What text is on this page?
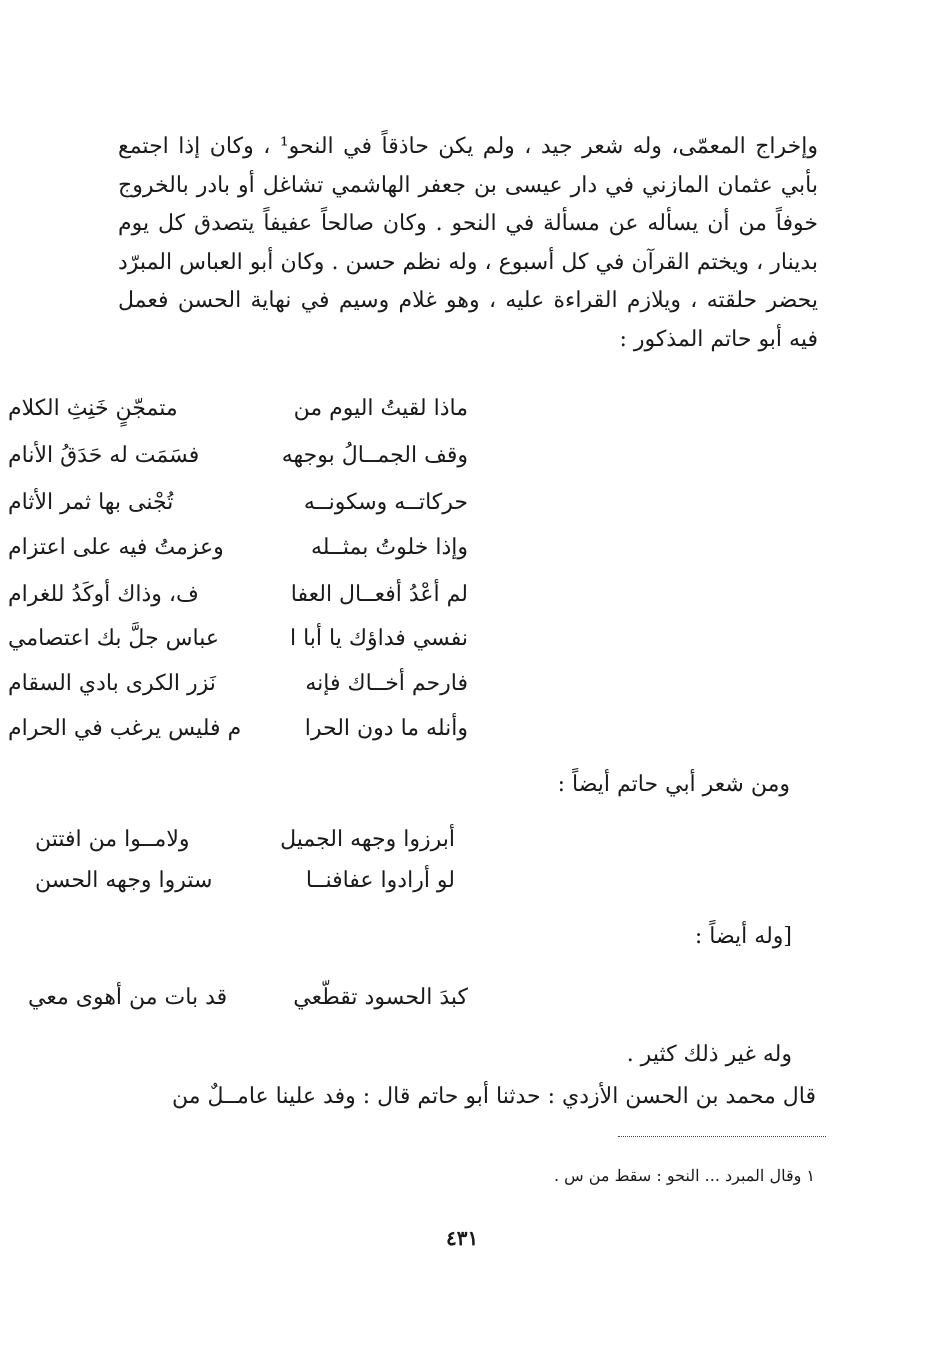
وإخراج المعمّى، وله شعر جيد ، ولم يكن حاذقاً في النحو¹ ، وكان إذا اجتمع بأبي عثمان المازني في دار عيسى بن جعفر الهاشمي تشاغل أو بادر بالخروج خوفاً من أن يسأله عن مسألة في النحو . وكان صالحاً عفيفاً يتصدق كل يوم بدينار ، ويختم القرآن في كل أسبوع ، وله نظم حسن . وكان أبو العباس المبرّد يحضر حلقته ، ويلازم القراءة عليه ، وهو غلام وسيم في نهاية الحسن فعمل فيه أبو حاتم المذكور :

ماذا لقيتُ اليوم من
متمجّنٍ خَنِثِ الكلام
وقف الجمــالُ بوجهه
فسَمَت له حَدَقُ الأنام
حركاتــه وسكونــه
تُجْنى بها ثمر الأثام
وإذا خلوتُ بمثــله
وعزمتُ فيه على اعتزام
لم أعْدُ أفعــال العفا
ف، وذاك أوكَدُ للغرام
نفسي فداؤك يا أبا ا
عباس جلَّ بك اعتصامي
فارحم أخــاك فإنه
نَزر الكرى بادي السقام
وأنله ما دون الحرا
م فليس يرغب في الحرام
ومن شعر أبي حاتم أيضاً :
أبرزوا وجهه الجميل
ولامــوا من افتتن
لو أرادوا عفافنــا
ستروا وجهه الحسن
[وله أيضاً :
كبدَ الحسود تقطّعي
قد بات من أهوى معي
وله غير ذلك كثير .
قال محمد بن الحسن الأزدي : حدثنا أبو حاتم قال : وفد علينا عامــلٌ من
١ وقال المبرد ... النحو : سقط من س .
٤٣١
